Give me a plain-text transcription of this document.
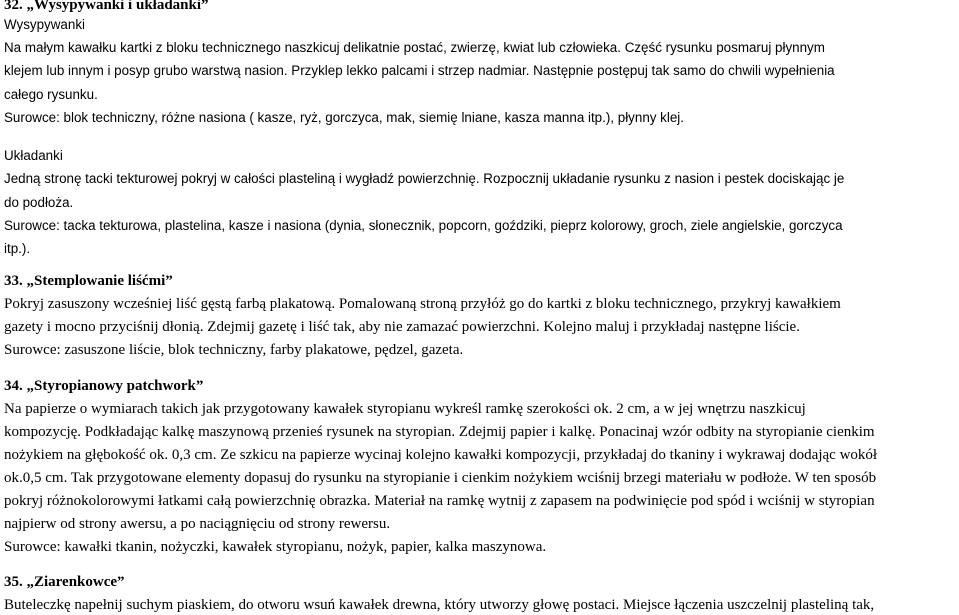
32. „Wysypywanki i układanki”
Wysypywanki
Na małym kawałku kartki z bloku technicznego naszkicuj delikatnie postać, zwierzę, kwiat lub człowieka. Część rysunku posmaruj płynnym
klejem lub innym i posyp grubo warstwą nasion. Przyklep lekko palcami i strzep nadmiar. Następnie postępuj tak samo do chwili wypełnienia
całego rysunku.
Surowce: blok techniczny, różne nasiona ( kasze, ryż, gorczyca, mak, siemię lniane, kasza manna itp.), płynny klej.
Układanki
Jedną stronę tacki tekturowej pokryj w całości plasteliną i wygładź powierzchnię. Rozpocznij układanie rysunku z nasion i pestek dociskając je
do podłoża.
Surowce: tacka tekturowa, plastelina, kasze i nasiona (dynia, słonecznik, popcorn, goździki, pieprz kolorowy, groch, ziele angielskie, gorczyca
itp.).
33. „Stemplowanie liśćmi”
Pokryj zasuszony wcześniej liść gęstą farbą plakatową. Pomalowaną stroną przyłóż go do kartki z bloku technicznego, przykryj kawałkiem
gazety i mocno przyciśnij dłonią. Zdejmij gazetę i liść tak, aby nie zamazać powierzchni. Kolejno maluj i przykładaj następne liście.
Surowce: zasuszone liście, blok techniczny, farby plakatowe, pędzel, gazeta.
34. „Styropianowy patchwork”
Na papierze o wymiarach takich jak przygotowany kawałek styropianu wykreśl ramkę szerokości ok. 2 cm, a w jej wnętrzu naszkicuj
kompozycję. Podkładając kalkę maszynową przenieś rysunek na styropian. Zdejmij papier i kalkę. Ponacinaj wzór odbity na styropianie cienkim
nożykiem na głębokość ok. 0,3 cm. Ze szkicu na papierze wycinaj kolejno kawałki kompozycji, przykładaj do tkaniny i wykrawaj dodając wokół
ok.0,5 cm. Tak przygotowane elementy dopasuj do rysunku na styropianie i cienkim nożykiem wciśnij brzegi materiału w podłoże. W ten sposób
pokryj różnokolorowymi łatkami całą powierzchnię obrazka. Materiał na ramkę wytnij z zapasem na podwinięcie pod spód i wciśnij w styropian
najpierw od strony awersu, a po naciągnięciu od strony rewersu.
Surowce: kawałki tkanin, nożyczki, kawałek styropianu, nożyk, papier, kalka maszynowa.
35. „Ziarenkowce”
Buteleczkę napełnij suchym piaskiem, do otworu wsuń kawałek drewna, który utworzy głowę postaci. Miejsce łączenia uszczelnij plasteliną tak,
